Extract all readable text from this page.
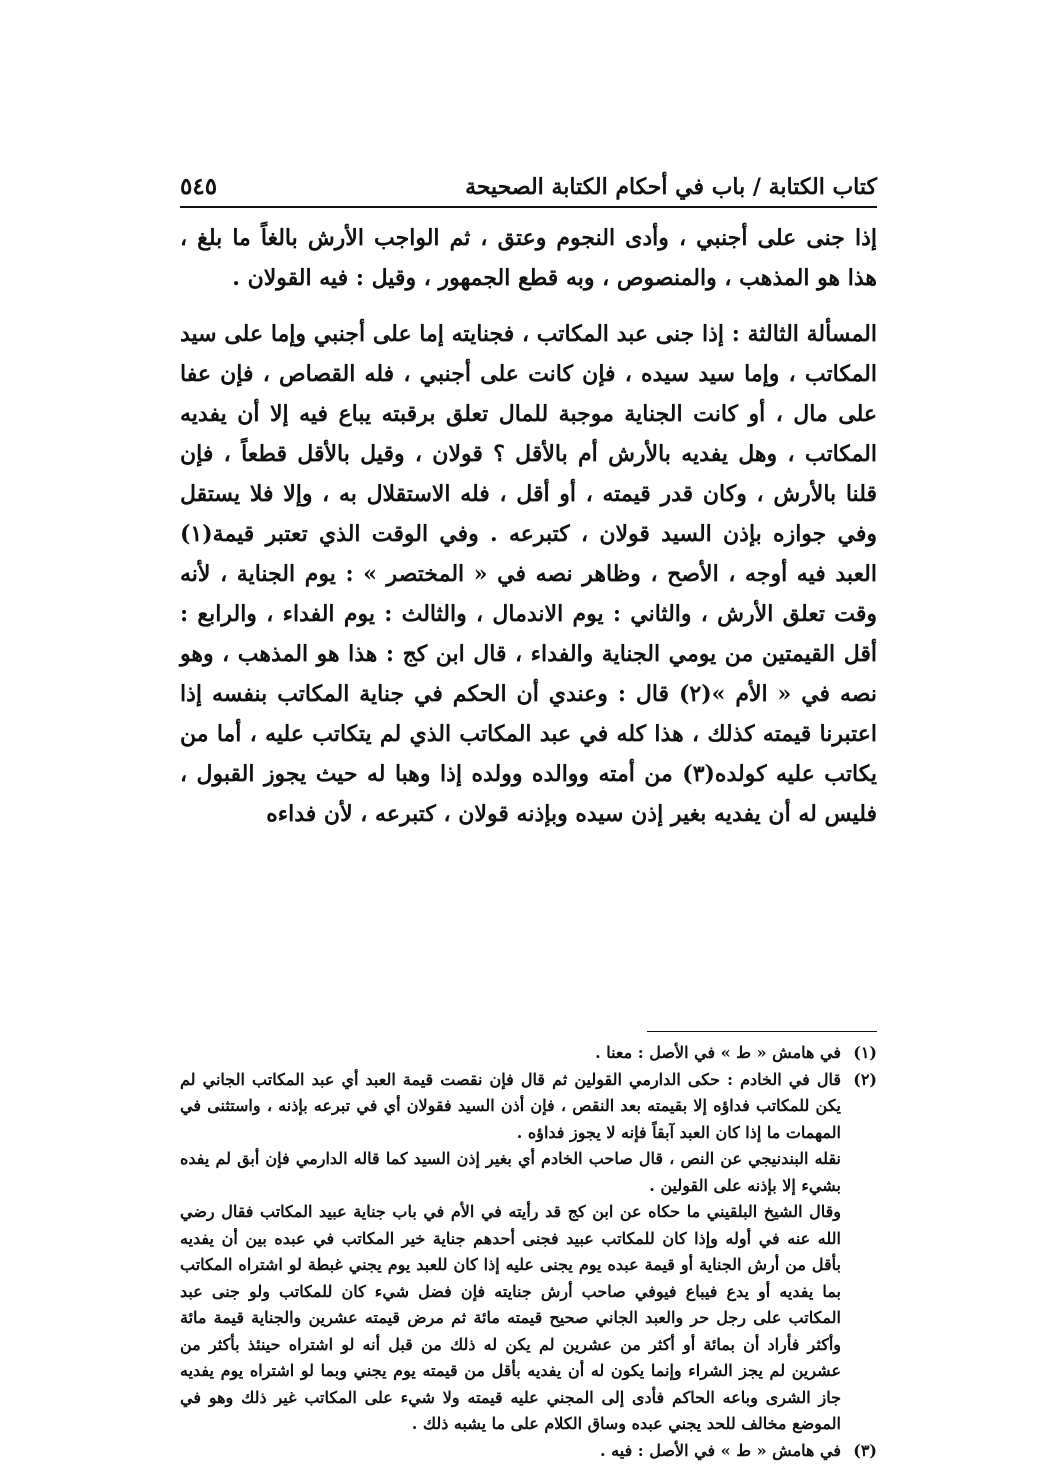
كتاب الكتابة / باب في أحكام الكتابة الصحيحة
٥٤٥

إذا جنى على أجنبي ، وأدى النجوم وعتق ، ثم الواجب الأرش بالغاً ما بلغ ، هذا هو المذهب ، والمنصوص ، وبه قطع الجمهور ، وقيل : فيه القولان .

المسألة الثالثة : إذا جنى عبد المكاتب ، فجنايته إما على أجنبي وإما على سيد المكاتب ، وإما سيد سيده ، فإن كانت على أجنبي ، فله القصاص ، فإن عفا على مال ، أو كانت الجناية موجبة للمال تعلق برقبته يباع فيه إلا أن يفديه المكاتب ، وهل يفديه بالأرش أم بالأقل ؟ قولان ، وقيل بالأقل قطعاً ، فإن قلنا بالأرش ، وكان قدر قيمته ، أو أقل ، فله الاستقلال به ، وإلا فلا يستقل وفي جوازه بإذن السيد قولان ، كتبرعه . وفي الوقت الذي تعتبر قيمة(١) العبد فيه أوجه ، الأصح ، وظاهر نصه في « المختصر » : يوم الجناية ، لأنه وقت تعلق الأرش ، والثاني : يوم الاندمال ، والثالث : يوم الفداء ، والرابع : أقل القيمتين من يومي الجناية والفداء ، قال ابن كج : هذا هو المذهب ، وهو نصه في « الأم »(٢) قال : وعندي أن الحكم في جناية المكاتب بنفسه إذا اعتبرنا قيمته كذلك ، هذا كله في عبد المكاتب الذي لم يتكاتب عليه ، أما من يكاتب عليه كولده(٣) من أمته ووالده وولده إذا وهبا له حيث يجوز القبول ، فليس له أن يفديه بغير إذن سيده وبإذنه قولان ، كتبرعه ، لأن فداءه

(١)
في هامش « ط » في الأصل : معنا .
(٢)
قال في الخادم : حكى الدارمي القولين ثم قال فإن نقصت قيمة العبد أي عبد المكاتب الجاني لم يكن للمكاتب فداؤه إلا بقيمته بعد النقص ، فإن أذن السيد فقولان أي في تبرعه بإذنه ، واستثنى في المهمات ما إذا كان العبد آبقاً فإنه لا يجوز فداؤه .

نقله البندنيجي عن النص ، قال صاحب الخادم أي بغير إذن السيد كما قاله الدارمي فإن أبق لم يفده بشيء إلا بإذنه على القولين .

وقال الشيخ البلقيني ما حكاه عن ابن كج قد رأيته في الأم في باب جناية عبيد المكاتب فقال رضي الله عنه في أوله وإذا كان للمكاتب عبيد فجنى أحدهم جناية خير المكاتب في عبده بين أن يفديه بأقل من أرش الجناية أو قيمة عبده يوم يجنى عليه إذا كان للعبد يوم يجني غبطة لو اشتراه المكاتب بما يفديه أو يدع فيباع فيوفي صاحب أرش جنايته فإن فضل شيء كان للمكاتب ولو جنى عبد المكاتب على رجل حر والعبد الجاني صحيح قيمته مائة ثم مرض قيمته عشرين والجناية قيمة مائة وأكثر فأراد أن بمائة أو أكثر من عشرين لم يكن له ذلك من قبل أنه لو اشتراه حينئذ بأكثر من عشرين لم يجز الشراء وإنما يكون له أن يفديه بأقل من قيمته يوم يجني وبما لو اشتراه يوم يفديه جاز الشرى وباعه الحاكم فأدى إلى المجني عليه قيمته ولا شيء على المكاتب غير ذلك وهو في الموضع مخالف للحد يجني عبده وساق الكلام على ما يشبه ذلك .

(٣)
في هامش « ط » في الأصل : فيه .
